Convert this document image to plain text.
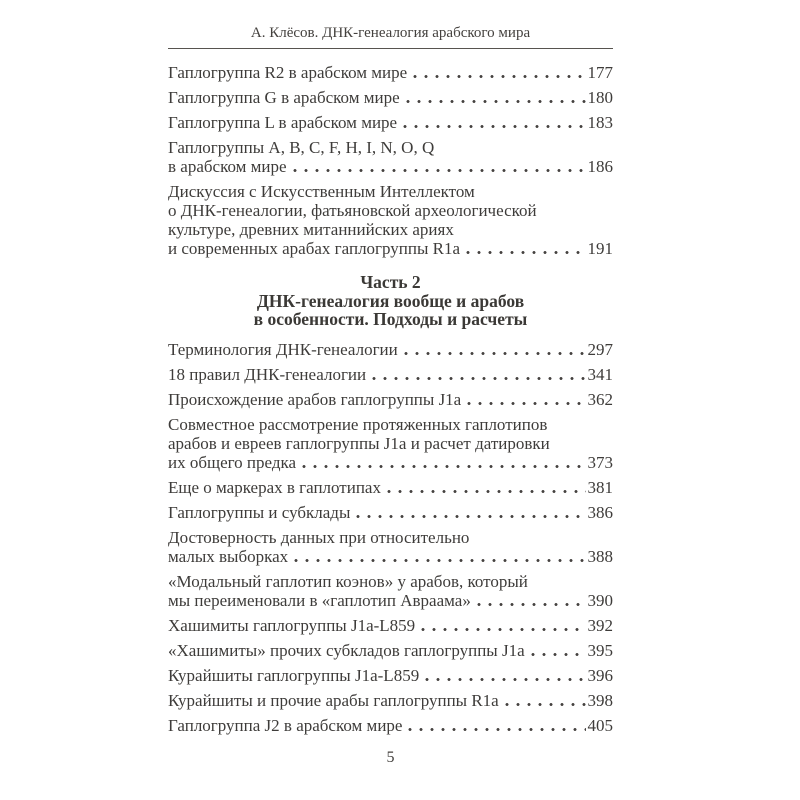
А. Клёсов. ДНК-генеалогия арабского мира
Гаплогруппа R2 в арабском мире	177
Гаплогруппа G в арабском мире	180
Гаплогруппа L в арабском мире	183
Гаплогруппы A, B, C, F, H, I, N, O, Q
в арабском мире	186
Дискуссия с Искусственным Интеллектом
о ДНК-генеалогии, фатьяновской археологической
культуре, древних митаннийских ариях
и современных арабах гаплогруппы R1a	191
Часть 2
ДНК-генеалогия вообще и арабов
в особенности. Подходы и расчеты
Терминология ДНК-генеалогии	297
18 правил ДНК-генеалогии	341
Происхождение арабов гаплогруппы J1a	362
Совместное рассмотрение протяженных гаплотипов
арабов и евреев гаплогруппы J1a и расчет датировки
их общего предка	373
Еще о маркерах в гаплотипах	381
Гаплогруппы и субклады	386
Достоверность данных при относительно
малых выборках	388
«Модальный гаплотип коэнов» у арабов, который
мы переименовали в «гаплотип Авраама»	390
Хашимиты гаплогруппы J1a-L859	392
«Хашимиты» прочих субкладов гаплогруппы J1a	395
Курайшиты гаплогруппы J1a-L859	396
Курайшиты и прочие арабы гаплогруппы R1a	398
Гаплогруппа J2 в арабском мире	405
5
